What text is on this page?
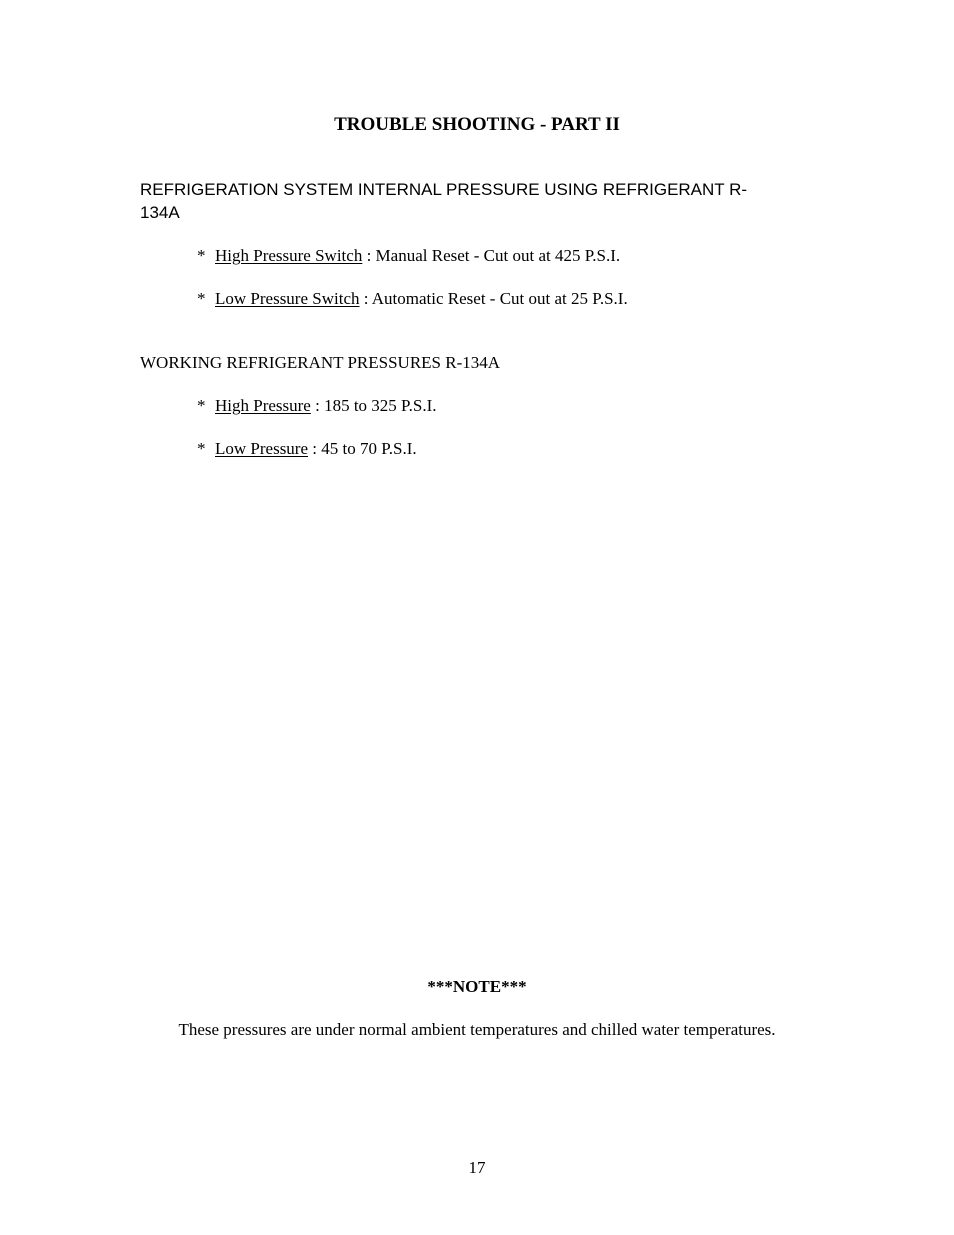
TROUBLE SHOOTING - PART II
REFRIGERATION SYSTEM INTERNAL PRESSURE USING REFRIGERANT R-
134A
* High Pressure Switch : Manual Reset - Cut out at 425 P.S.I.
* Low Pressure Switch : Automatic Reset - Cut out at 25 P.S.I.
WORKING REFRIGERANT PRESSURES R-134A
* High Pressure : 185 to 325 P.S.I.
* Low Pressure : 45 to 70 P.S.I.
***NOTE***
These pressures are under normal ambient temperatures and chilled water temperatures.
17
